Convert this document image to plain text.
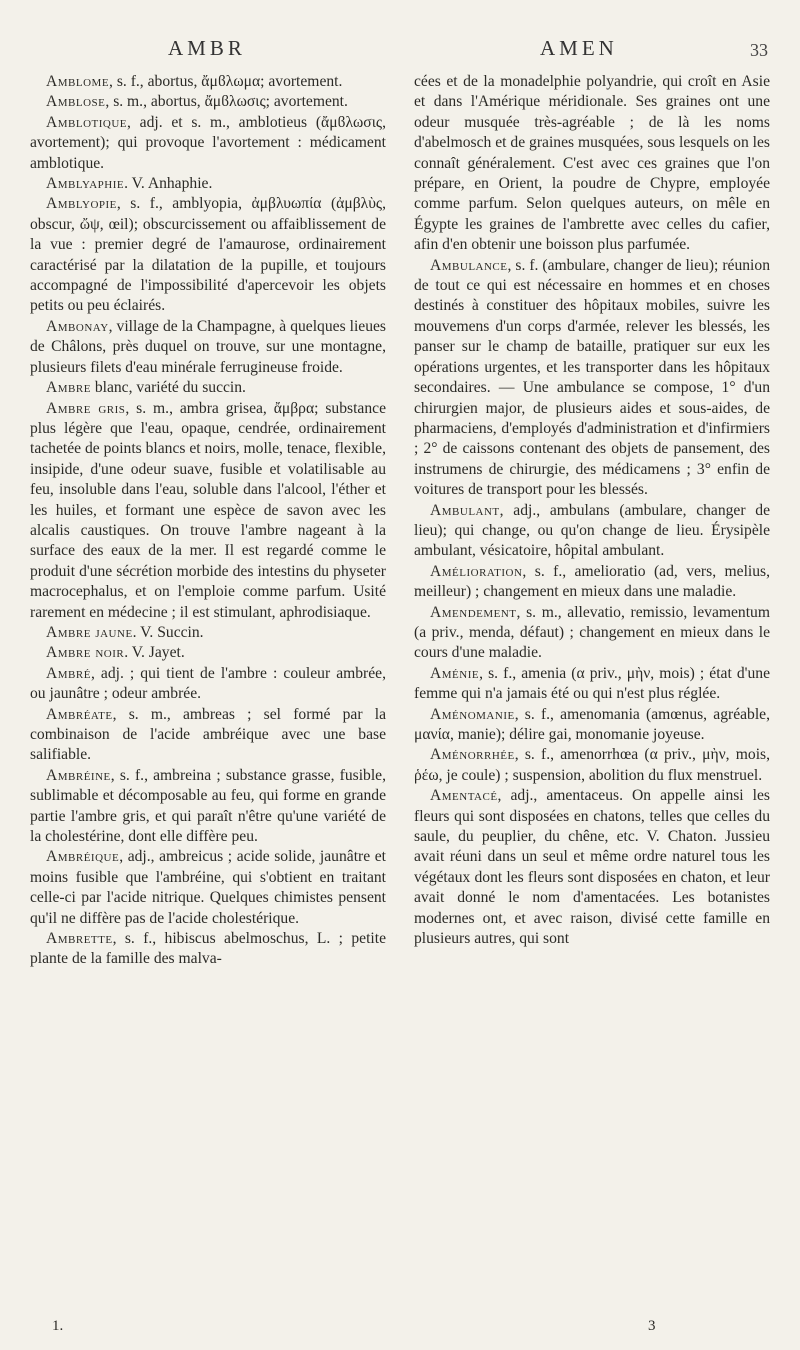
AMBR	AMEN	33

Amblome, s. f., abortus, ἄμϐλωμα; avortement.

Amblose, s. m., abortus, ἄμϐλωσις; avortement.

Amblotique, adj. et s. m., amblotieus (ἄμϐλωσις, avortement); qui provoque l'avortement : médicament amblotique.

Amblyaphie. V. Anhaphie.

Amblyopie, s. f., amblyopia, ἀμβλυωπία (ἀμβλὺς, obscur, ὤψ, œil); obscurcissement ou affaiblissement de la vue : premier degré de l'amaurose, ordinairement caractérisé par la dilatation de la pupille, et toujours accompagné de l'impossibilité d'apercevoir les objets petits ou peu éclairés.

Ambonay, village de la Champagne, à quelques lieues de Châlons, près duquel on trouve, sur une montagne, plusieurs filets d'eau minérale ferrugineuse froide.

Ambre blanc, variété du succin.

Ambre gris, s. m., ambra grisea, ἄμβρα; substance plus légère que l'eau, opaque, cendrée, ordinairement tachetée de points blancs et noirs, molle, tenace, flexible, insipide, d'une odeur suave, fusible et volatilisable au feu, insoluble dans l'eau, soluble dans l'alcool, l'éther et les huiles, et formant une espèce de savon avec les alcalis caustiques. On trouve l'ambre nageant à la surface des eaux de la mer. Il est regardé comme le produit d'une sécrétion morbide des intestins du physeter macrocephalus, et on l'emploie comme parfum. Usité rarement en médecine ; il est stimulant, aphrodisiaque.

Ambre jaune. V. Succin.

Ambre noir. V. Jayet.

Ambré, adj. ; qui tient de l'ambre : couleur ambrée, ou jaunâtre ; odeur ambrée.

Ambréate, s. m., ambreas ; sel formé par la combinaison de l'acide ambréique avec une base salifiable.

Ambréine, s. f., ambreina ; substance grasse, fusible, sublimable et décomposable au feu, qui forme en grande partie l'ambre gris, et qui paraît n'être qu'une variété de la cholestérine, dont elle diffère peu.

Ambréique, adj., ambreicus ; acide solide, jaunâtre et moins fusible que l'ambréine, qui s'obtient en traitant celle-ci par l'acide nitrique. Quelques chimistes pensent qu'il ne diffère pas de l'acide cholestérique.

Ambrette, s. f., hibiscus abelmoschus, L. ; petite plante de la famille des malva-

cées et de la monadelphie polyandrie, qui croît en Asie et dans l'Amérique méridionale. Ses graines ont une odeur musquée très-agréable ; de là les noms d'abelmosch et de graines musquées, sous lesquels on les connaît généralement. C'est avec ces graines que l'on prépare, en Orient, la poudre de Chypre, employée comme parfum. Selon quelques auteurs, on mêle en Égypte les graines de l'ambrette avec celles du cafier, afin d'en obtenir une boisson plus parfumée.

Ambulance, s. f. (ambulare, changer de lieu); réunion de tout ce qui est nécessaire en hommes et en choses destinés à constituer des hôpitaux mobiles, suivre les mouvemens d'un corps d'armée, relever les blessés, les panser sur le champ de bataille, pratiquer sur eux les opérations urgentes, et les transporter dans les hôpitaux secondaires. — Une ambulance se compose, 1° d'un chirurgien major, de plusieurs aides et sous-aides, de pharmaciens, d'employés d'administration et d'infirmiers ; 2° de caissons contenant des objets de pansement, des instrumens de chirurgie, des médicamens ; 3° enfin de voitures de transport pour les blessés.

Ambulant, adj., ambulans (ambulare, changer de lieu); qui change, ou qu'on change de lieu. Érysipèle ambulant, vésicatoire, hôpital ambulant.

Amélioration, s. f., amelioratio (ad, vers, melius, meilleur) ; changement en mieux dans une maladie.

Amendement, s. m., allevatio, remissio, levamentum (a priv., menda, défaut) ; changement en mieux dans le cours d'une maladie.

Aménie, s. f., amenia (α priv., μὴν, mois) ; état d'une femme qui n'a jamais été ou qui n'est plus réglée.

Aménomanie, s. f., amenomania (amœnus, agréable, μανία, manie); délire gai, monomanie joyeuse.

Aménorrhée, s. f., amenorrhœa (α priv., μὴν, mois, ῥέω, je coule) ; suspension, abolition du flux menstruel.

Amentacé, adj., amentaceus. On appelle ainsi les fleurs qui sont disposées en chatons, telles que celles du saule, du peuplier, du chêne, etc. V. Chaton. Jussieu avait réuni dans un seul et même ordre naturel tous les végétaux dont les fleurs sont disposées en chaton, et leur avait donné le nom d'amentacées. Les botanistes modernes ont, et avec raison, divisé cette famille en plusieurs autres, qui sont

1.	3
